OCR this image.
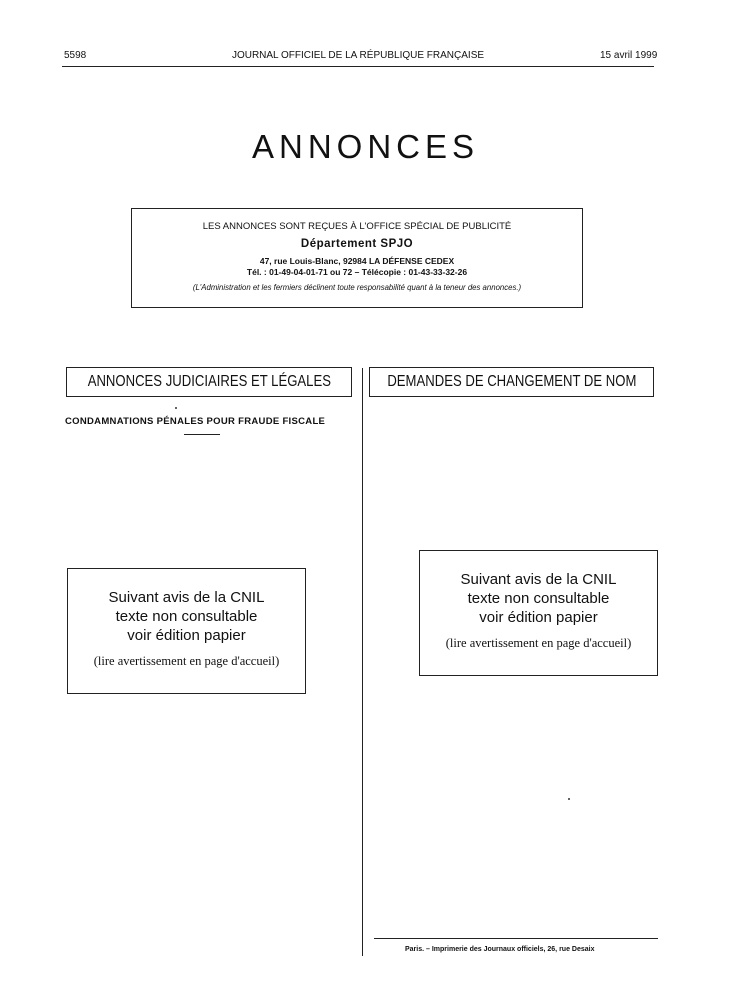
5598	JOURNAL OFFICIEL DE LA RÉPUBLIQUE FRANÇAISE	15 avril 1999
ANNONCES
LES ANNONCES SONT REÇUES À L'OFFICE SPÉCIAL DE PUBLICITÉ
Département SPJO
47, rue Louis-Blanc, 92984 LA DÉFENSE CEDEX
Tél. : 01-49-04-01-71 ou 72 – Télécopie : 01-43-33-32-26
(L'Administration et les fermiers déclinent toute responsabilité quant à la teneur des annonces.)
ANNONCES JUDICIAIRES ET LÉGALES
CONDAMNATIONS PÉNALES POUR FRAUDE FISCALE
Suivant avis de la CNIL
texte non consultable
voir édition papier
(lire avertissement en page d'accueil)
DEMANDES DE CHANGEMENT DE NOM
Suivant avis de la CNIL
texte non consultable
voir édition papier
(lire avertissement en page d'accueil)
Paris. – Imprimerie des Journaux officiels, 26, rue Desaix
